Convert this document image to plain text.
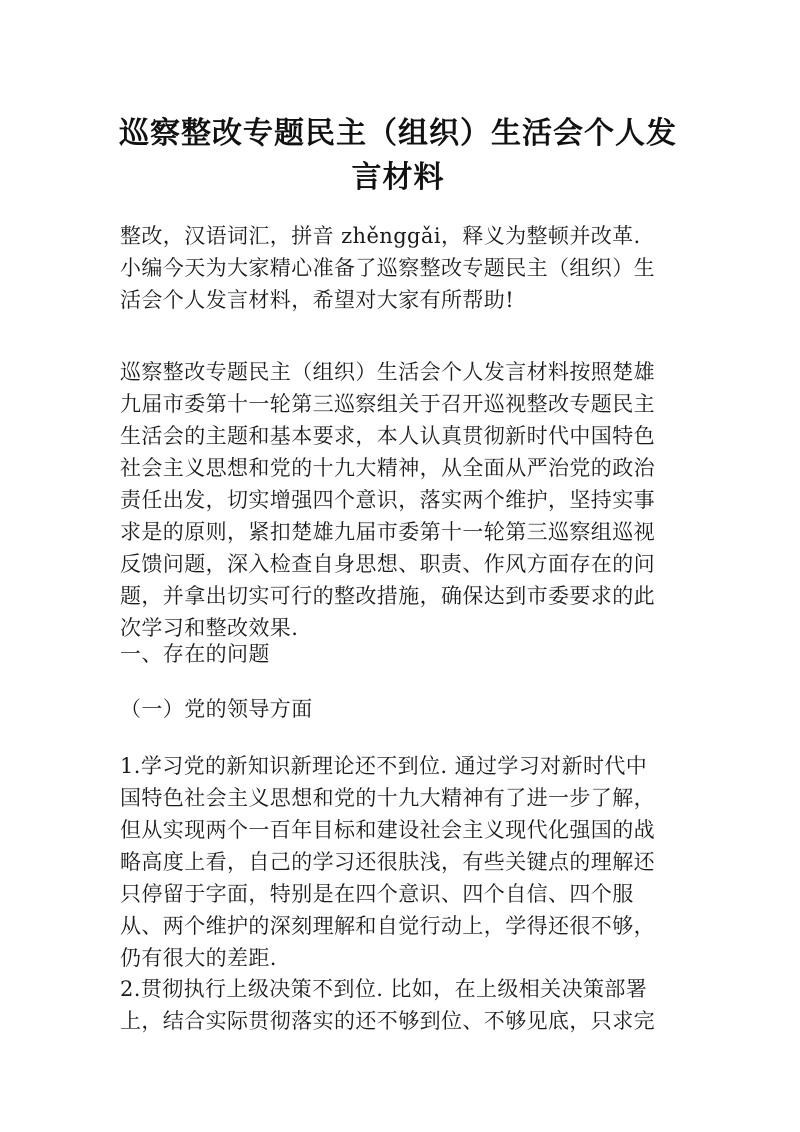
巡察整改专题民主（组织）生活会个人发
言材料

整改，汉语词汇，拼音 zhěnggǎi，释义为整顿并改革.
小编今天为大家精心准备了巡察整改专题民主（组织）生
活会个人发言材料，希望对大家有所帮助!

巡察整改专题民主（组织）生活会个人发言材料按照楚雄
九届市委第十一轮第三巡察组关于召开巡视整改专题民主
生活会的主题和基本要求，本人认真贯彻新时代中国特色
社会主义思想和党的十九大精神，从全面从严治党的政治
责任出发，切实增强四个意识，落实两个维护，坚持实事
求是的原则，紧扣楚雄九届市委第十一轮第三巡察组巡视
反馈问题，深入检查自身思想、职责、作风方面存在的问
题，并拿出切实可行的整改措施，确保达到市委要求的此
次学习和整改效果.

一、存在的问题

（一）党的领导方面

1.学习党的新知识新理论还不到位. 通过学习对新时代中
国特色社会主义思想和党的十九大精神有了进一步了解，
但从实现两个一百年目标和建设社会主义现代化强国的战
略高度上看，自己的学习还很肤浅，有些关键点的理解还
只停留于字面，特别是在四个意识、四个自信、四个服
从、两个维护的深刻理解和自觉行动上，学得还很不够，
仍有很大的差距.

2.贯彻执行上级决策不到位. 比如，在上级相关决策部署
上，结合实际贯彻落实的还不够到位、不够见底，只求完
